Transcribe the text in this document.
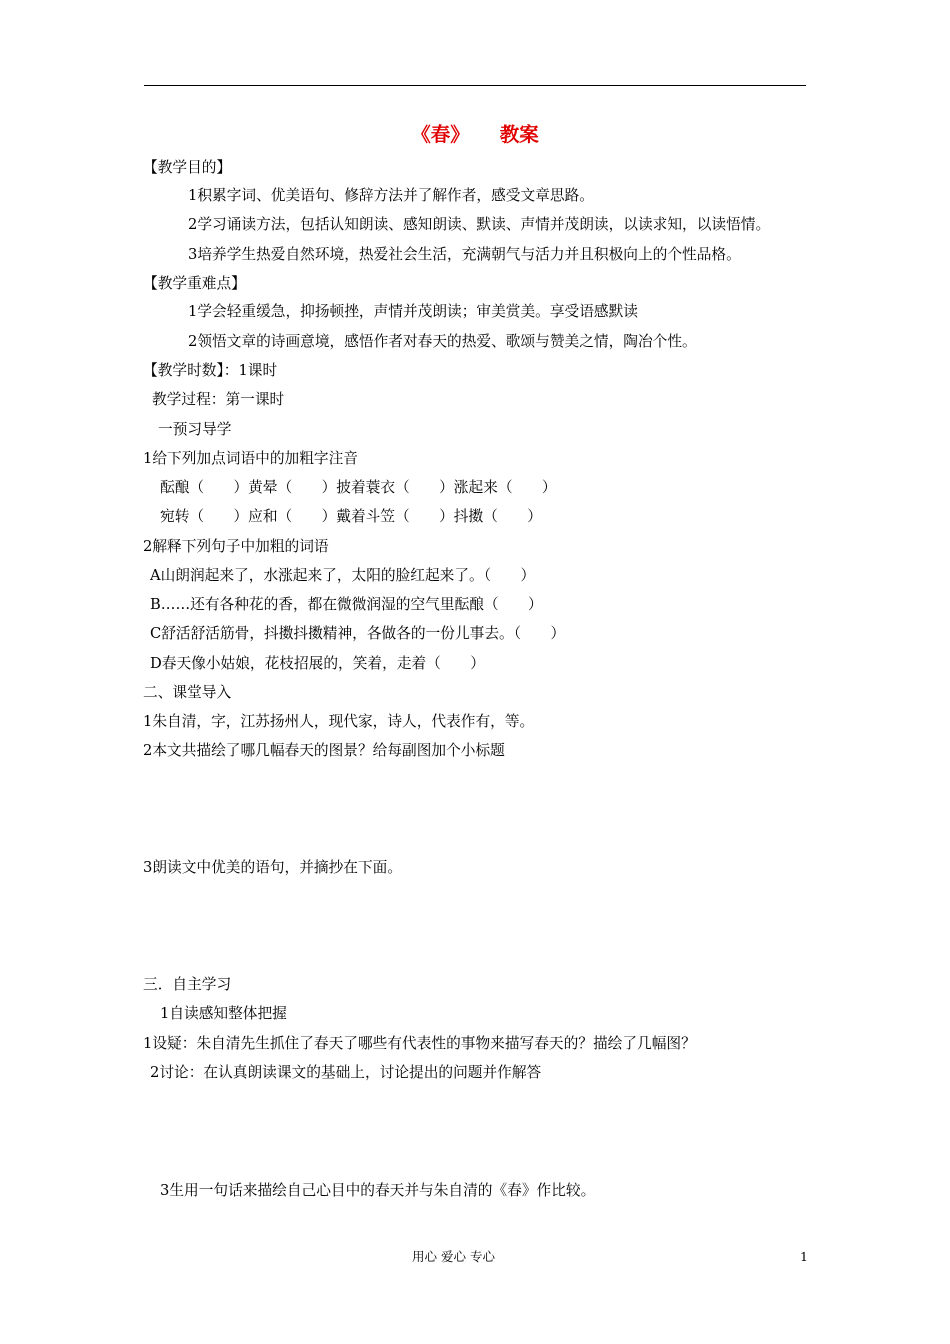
《春》 教案
【教学目的】
1积累字词、优美语句、修辞方法并了解作者，感受文章思路。
2学习诵读方法，包括认知朗读、感知朗读、默读、声情并茂朗读，以读求知，以读悟情。
3培养学生热爱自然环境，热爱社会生活，充满朝气与活力并且积极向上的个性品格。
【教学重难点】
1学会轻重缓急，抑扬顿挫，声情并茂朗读；审美赏美。享受语感默读
2领悟文章的诗画意境，感悟作者对春天的热爱、歌颂与赞美之情，陶冶个性。
【教学时数】：1课时
教学过程：第一课时
一预习导学
1给下列加点词语中的加粗字注音
酝酿（　　）黄晕（　　）披着蓑衣（　　）涨起来（　　）
宛转（　　）应和（　　）戴着斗笠（　　）抖擞（　　）
2解释下列句子中加粗的词语
A山朗润起来了，水涨起来了，太阳的脸红起来了。（　　）
B……还有各种花的香，都在微微润湿的空气里酝酿（　　）
C舒活舒活筋骨，抖擞抖擞精神，各做各的一份儿事去。（　　）
D春天像小姑娘，花枝招展的，笑着，走着（　　）
二、课堂导入
1朱自清，字，江苏扬州人，现代家，诗人，代表作有，等。
2本文共描绘了哪几幅春天的图景？给每副图加个小标题
3朗读文中优美的语句，并摘抄在下面。
三．自主学习
1自读感知整体把握
1设疑：朱自清先生抓住了春天了哪些有代表性的事物来描写春天的？描绘了几幅图？
2讨论：在认真朗读课文的基础上，讨论提出的问题并作解答
3生用一句话来描绘自己心目中的春天并与朱自清的《春》作比较。
用心 爱心 专心	1
